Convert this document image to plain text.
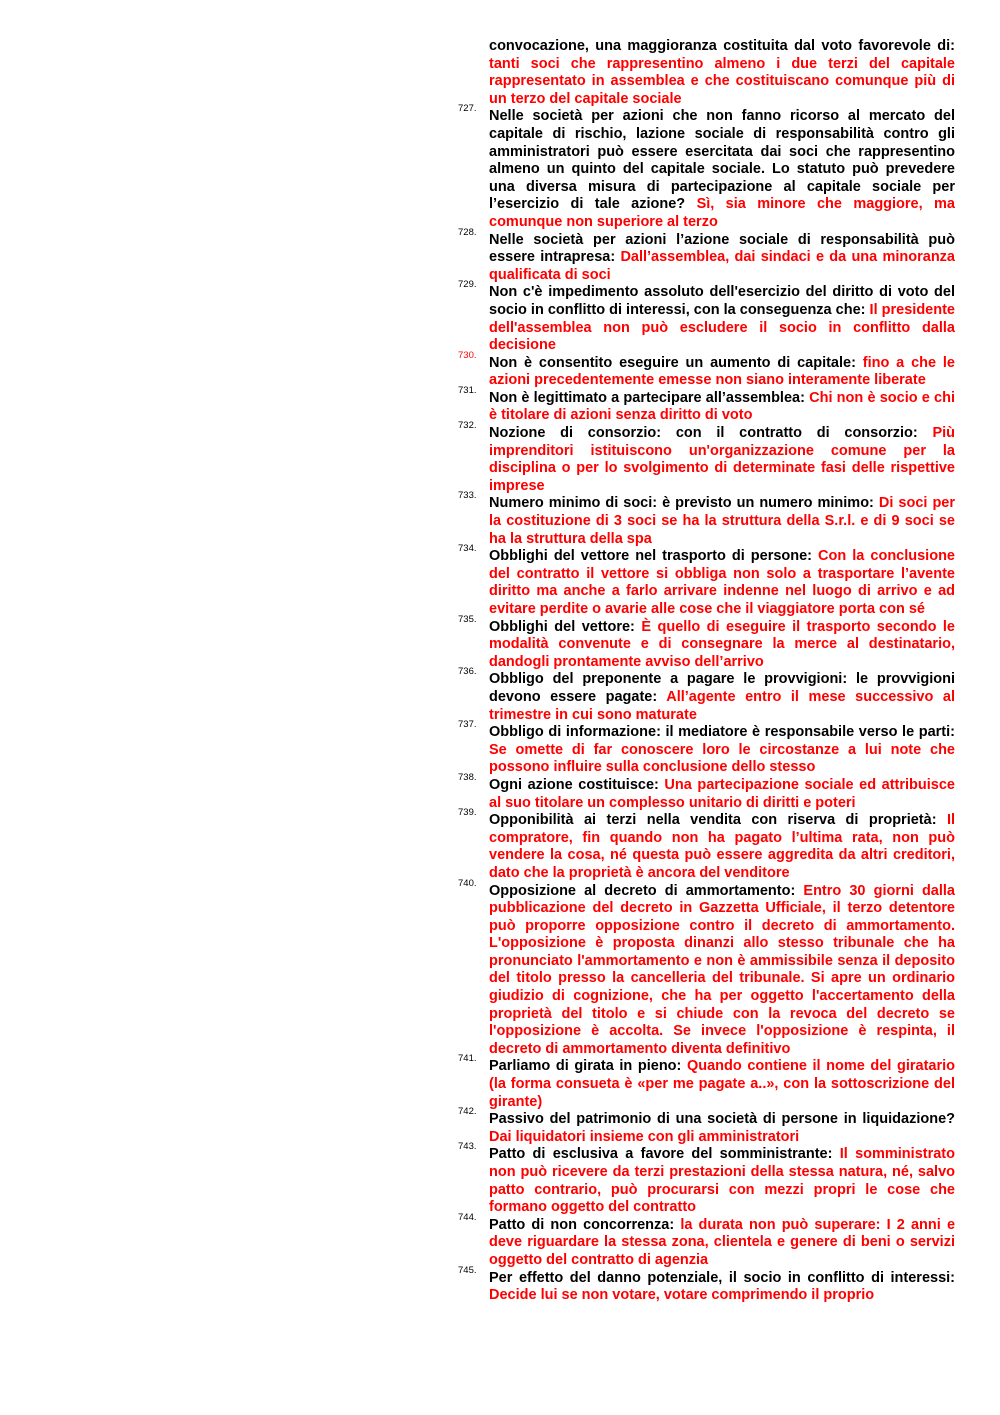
convocazione, una maggioranza costituita dal voto favorevole di: tanti soci che rappresentino almeno i due terzi del capitale rappresentato in assemblea e che costituiscano comunque più di un terzo del capitale sociale
727. Nelle società per azioni che non fanno ricorso al mercato del capitale di rischio, lazione sociale di responsabilità contro gli amministratori può essere esercitata dai soci che rappresentino almeno un quinto del capitale sociale. Lo statuto può prevedere una diversa misura di partecipazione al capitale sociale per l’esercizio di tale azione? Sì, sia minore che maggiore, ma comunque non superiore al terzo
728. Nelle società per azioni l’azione sociale di responsabilità può essere intrapresa: Dall’assemblea, dai sindaci e da una minoranza qualificata di soci
729. Non c'è impedimento assoluto dell'esercizio del diritto di voto del socio in conflitto di interessi, con la conseguenza che: Il presidente dell'assemblea non può escludere il socio in conflitto dalla decisione
730. Non è consentito eseguire un aumento di capitale: fino a che le azioni precedentemente emesse non siano interamente liberate
731. Non è legittimato a partecipare all’assemblea: Chi non è socio e chi è titolare di azioni senza diritto di voto
732. Nozione di consorzio: con il contratto di consorzio: Più imprenditori istituiscono un'organizzazione comune per la disciplina o per lo svolgimento di determinate fasi delle rispettive imprese
733. Numero minimo di soci: è previsto un numero minimo: Di soci per la costituzione di 3 soci se ha la struttura della S.r.l. e di 9 soci se ha la struttura della spa
734. Obblighi del vettore nel trasporto di persone: Con la conclusione del contratto il vettore si obbliga non solo a trasportare l’avente diritto ma anche a farlo arrivare indenne nel luogo di arrivo e ad evitare perdite o avarie alle cose che il viaggiatore porta con sé
735. Obblighi del vettore: È quello di eseguire il trasporto secondo le modalità convenute e di consegnare la merce al destinatario, dandogli prontamente avviso dell’arrivo
736. Obbligo del preponente a pagare le provvigioni: le provvigioni devono essere pagate: All’agente entro il mese successivo al trimestre in cui sono maturate
737. Obbligo di informazione: il mediatore è responsabile verso le parti: Se omette di far conoscere loro le circostanze a lui note che possono influire sulla conclusione dello stesso
738. Ogni azione costituisce: Una partecipazione sociale ed attribuisce al suo titolare un complesso unitario di diritti e poteri
739. Opponibilità ai terzi nella vendita con riserva di proprietà: Il compratore, fin quando non ha pagato l’ultima rata, non può vendere la cosa, né questa può essere aggredita da altri creditori, dato che la proprietà è ancora del venditore
740. Opposizione al decreto di ammortamento: Entro 30 giorni dalla pubblicazione del decreto in Gazzetta Ufficiale, il terzo detentore può proporre opposizione contro il decreto di ammortamento. L'opposizione è proposta dinanzi allo stesso tribunale che ha pronunciato l'ammortamento e non è ammissibile senza il deposito del titolo presso la cancelleria del tribunale. Si apre un ordinario giudizio di cognizione, che ha per oggetto l'accertamento della proprietà del titolo e si chiude con la revoca del decreto se l'opposizione è accolta. Se invece l'opposizione è respinta, il decreto di ammortamento diventa definitivo
741. Parliamo di girata in pieno: Quando contiene il nome del giratario (la forma consueta è «per me pagate a..», con la sottoscrizione del girante)
742. Passivo del patrimonio di una società di persone in liquidazione? Dai liquidatori insieme con gli amministratori
743. Patto di esclusiva a favore del somministrante: Il somministrato non può ricevere da terzi prestazioni della stessa natura, né, salvo patto contrario, può procurarsi con mezzi propri le cose che formano oggetto del contratto
744. Patto di non concorrenza: la durata non può superare: I 2 anni e deve riguardare la stessa zona, clientela e genere di beni o servizi oggetto del contratto di agenzia
745. Per effetto del danno potenziale, il socio in conflitto di interessi: Decide lui se non votare, votare comprimendo il proprio
